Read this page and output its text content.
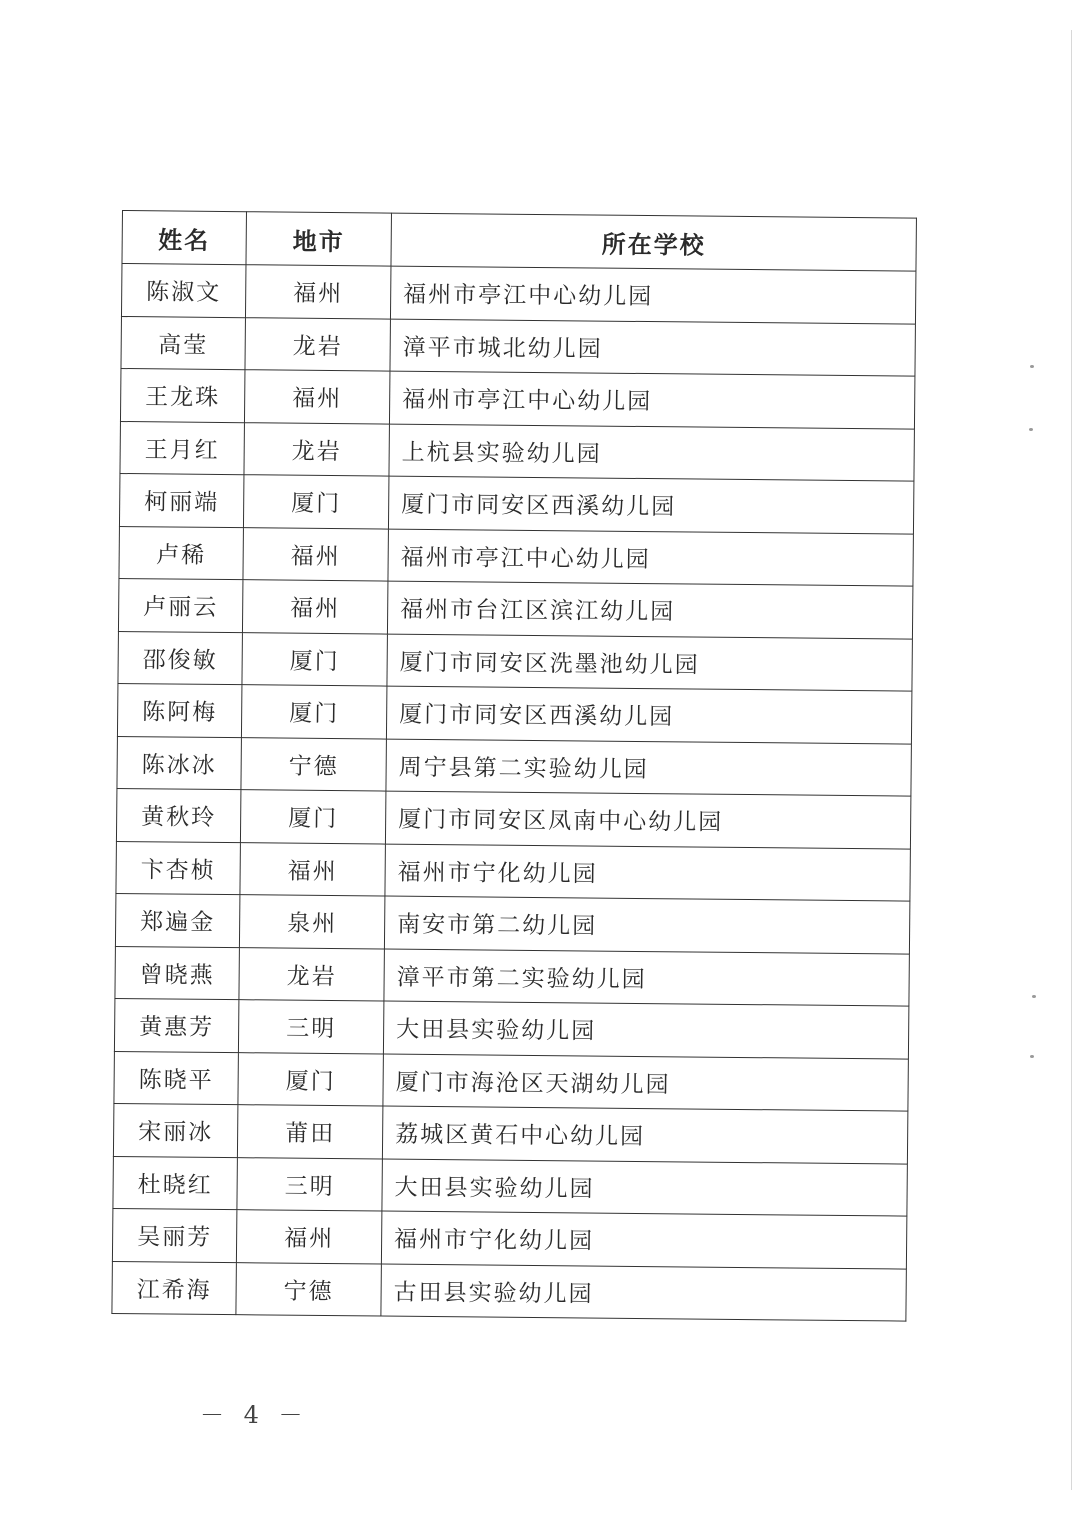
姓名	地市	所在学校
陈淑文	福州	福州市亭江中心幼儿园
高莹	龙岩	漳平市城北幼儿园
王龙珠	福州	福州市亭江中心幼儿园
王月红	龙岩	上杭县实验幼儿园
柯丽端	厦门	厦门市同安区西溪幼儿园
卢稀	福州	福州市亭江中心幼儿园
卢丽云	福州	福州市台江区滨江幼儿园
邵俊敏	厦门	厦门市同安区洗墨池幼儿园
陈阿梅	厦门	厦门市同安区西溪幼儿园
陈冰冰	宁德	周宁县第二实验幼儿园
黄秋玲	厦门	厦门市同安区凤南中心幼儿园
卞杏桢	福州	福州市宁化幼儿园
郑遍金	泉州	南安市第二幼儿园
曾晓燕	龙岩	漳平市第二实验幼儿园
黄惠芳	三明	大田县实验幼儿园
陈晓平	厦门	厦门市海沧区天湖幼儿园
宋丽冰	莆田	荔城区黄石中心幼儿园
杜晓红	三明	大田县实验幼儿园
吴丽芳	福州	福州市宁化幼儿园
江希海	宁德	古田县实验幼儿园
－ 4 －
